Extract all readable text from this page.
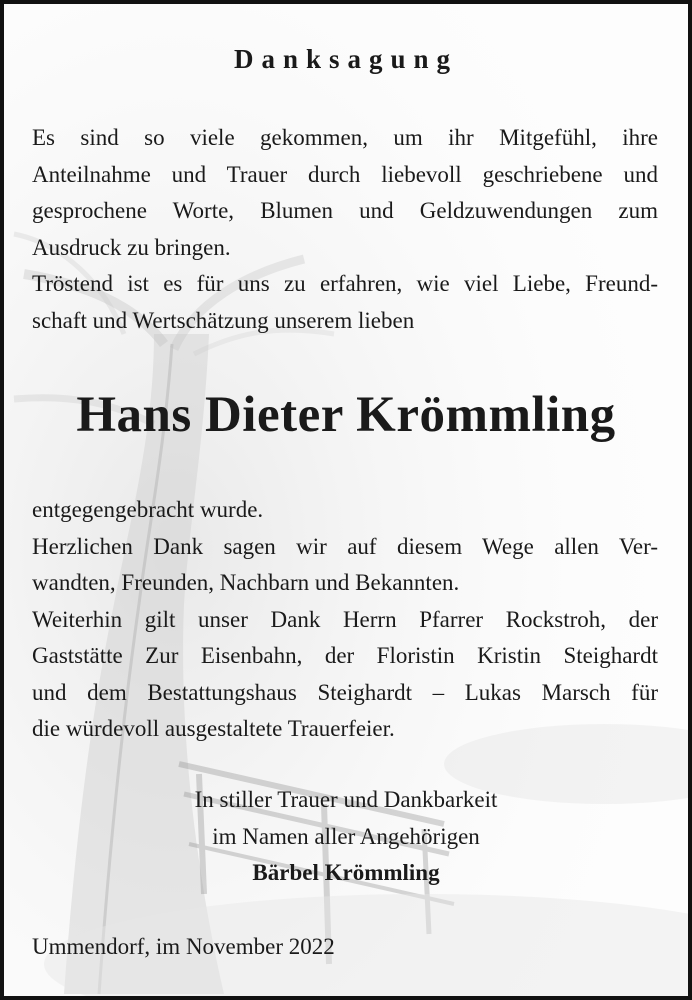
Danksagung
Es sind so viele gekommen, um ihr Mitgefühl, ihre
Anteilnahme und Trauer durch liebevoll geschriebene und
gesprochene Worte, Blumen und Geldzuwendungen zum
Ausdruck zu bringen.
Tröstend ist es für uns zu erfahren, wie viel Liebe, Freund-
schaft und Wertschätzung unserem lieben
Hans Dieter Krömmling
entgegengebracht wurde.
Herzlichen Dank sagen wir auf diesem Wege allen Ver-
wandten, Freunden, Nachbarn und Bekannten.
Weiterhin gilt unser Dank Herrn Pfarrer Rockstroh, der
Gaststätte Zur Eisenbahn, der Floristin Kristin Steighardt
und dem Bestattungshaus Steighardt – Lukas Marsch für
die würdevoll ausgestaltete Trauerfeier.
In stiller Trauer und Dankbarkeit
im Namen aller Angehörigen
Bärbel Krömmling

Ummendorf, im November 2022
